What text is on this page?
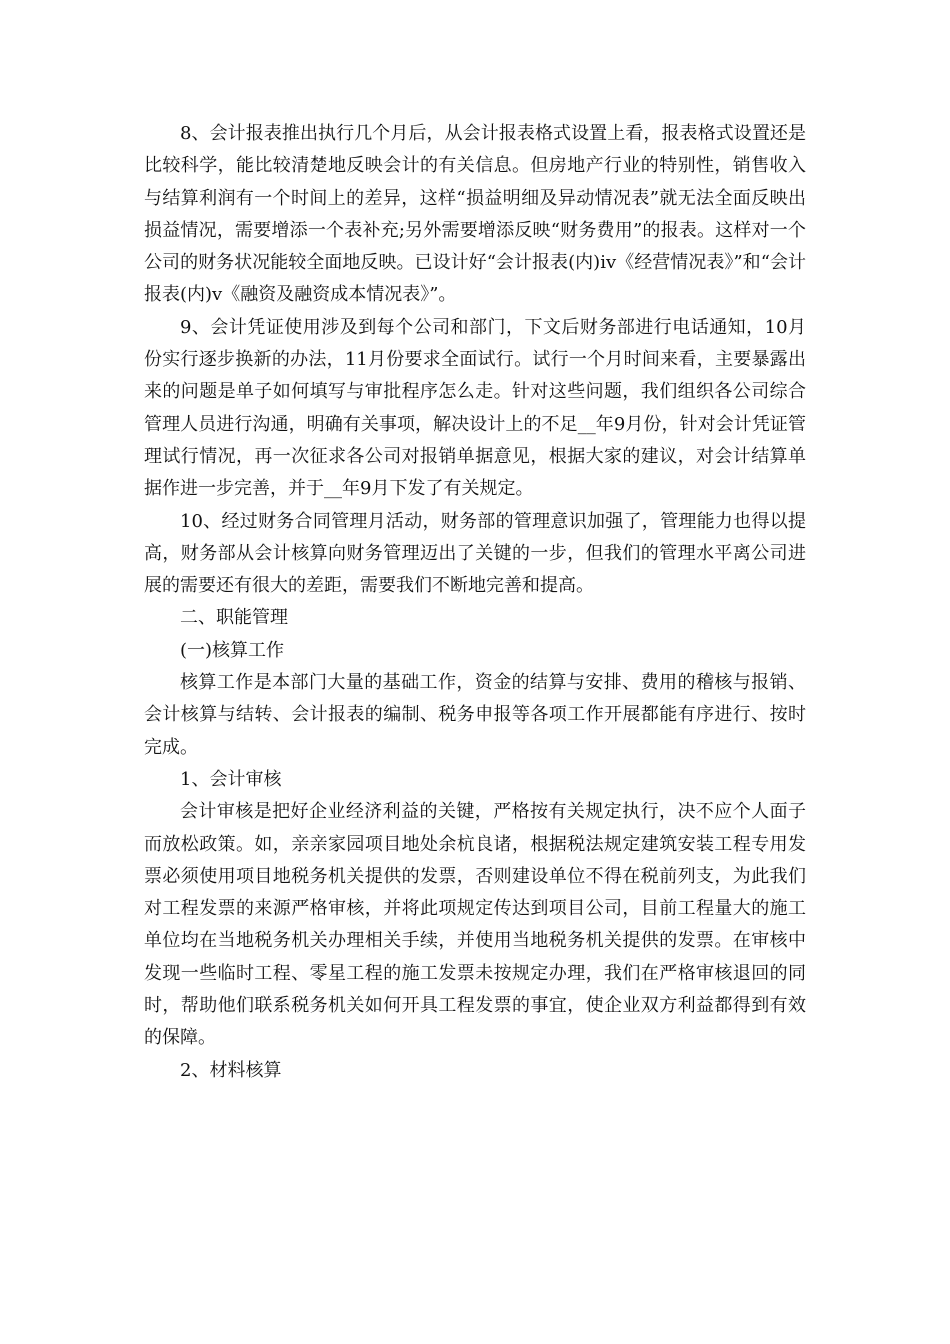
8、会计报表推出执行几个月后，从会计报表格式设置上看，报表格式设置还是比较科学，能比较清楚地反映会计的有关信息。但房地产行业的特别性，销售收入与结算利润有一个时间上的差异，这样“损益明细及异动情况表”就无法全面反映出损益情况，需要增添一个表补充;另外需要增添反映“财务费用”的报表。这样对一个公司的财务状况能较全面地反映。已设计好“会计报表(内)ⅳ《经营情况表》”和“会计报表(内)ⅴ《融资及融资成本情况表》”。

9、会计凭证使用涉及到每个公司和部门，下文后财务部进行电话通知，10月份实行逐步换新的办法，11月份要求全面试行。试行一个月时间来看，主要暴露出来的问题是单子如何填写与审批程序怎么走。针对这些问题，我们组织各公司综合管理人员进行沟通，明确有关事项，解决设计上的不足__年9月份，针对会计凭证管理试行情况，再一次征求各公司对报销单据意见，根据大家的建议，对会计结算单据作进一步完善，并于__年9月下发了有关规定。

10、经过财务合同管理月活动，财务部的管理意识加强了，管理能力也得以提高，财务部从会计核算向财务管理迈出了关键的一步，但我们的管理水平离公司进展的需要还有很大的差距，需要我们不断地完善和提高。

二、职能管理

(一)核算工作

核算工作是本部门大量的基础工作，资金的结算与安排、费用的稽核与报销、会计核算与结转、会计报表的编制、税务申报等各项工作开展都能有序进行、按时完成。

1、会计审核

会计审核是把好企业经济利益的关键，严格按有关规定执行，决不应个人面子而放松政策。如，亲亲家园项目地处余杭良诸，根据税法规定建筑安装工程专用发票必须使用项目地税务机关提供的发票，否则建设单位不得在税前列支，为此我们对工程发票的来源严格审核，并将此项规定传达到项目公司，目前工程量大的施工单位均在当地税务机关办理相关手续，并使用当地税务机关提供的发票。在审核中发现一些临时工程、零星工程的施工发票未按规定办理，我们在严格审核退回的同时，帮助他们联系税务机关如何开具工程发票的事宜，使企业双方利益都得到有效的保障。

2、材料核算
